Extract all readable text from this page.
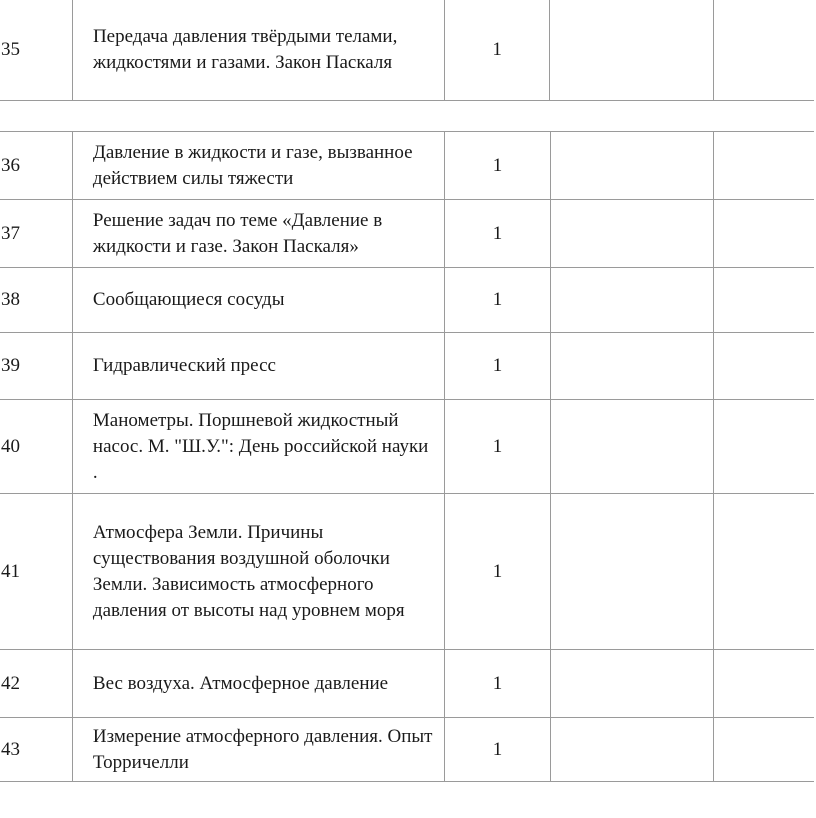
35	Передача давления твёрдыми телами, жидкостями и газами. Закон Паскаля	1		
36	Давление в жидкости и газе, вызванное действием силы тяжести	1		
37	Решение задач по теме «Давление в жидкости и газе. Закон Паскаля»	1		
38	Сообщающиеся сосуды	1		
39	Гидравлический пресс	1		
40	Манометры. Поршневой жидкостный насос. М. "Ш.У.": День российской науки .	1		
41	Атмосфера Земли. Причины существования воздушной оболочки Земли. Зависимость атмосферного давления от высоты над уровнем моря	1		
42	Вес воздуха. Атмосферное давление	1		
43	Измерение атмосферного давления. Опыт Торричелли	1		
